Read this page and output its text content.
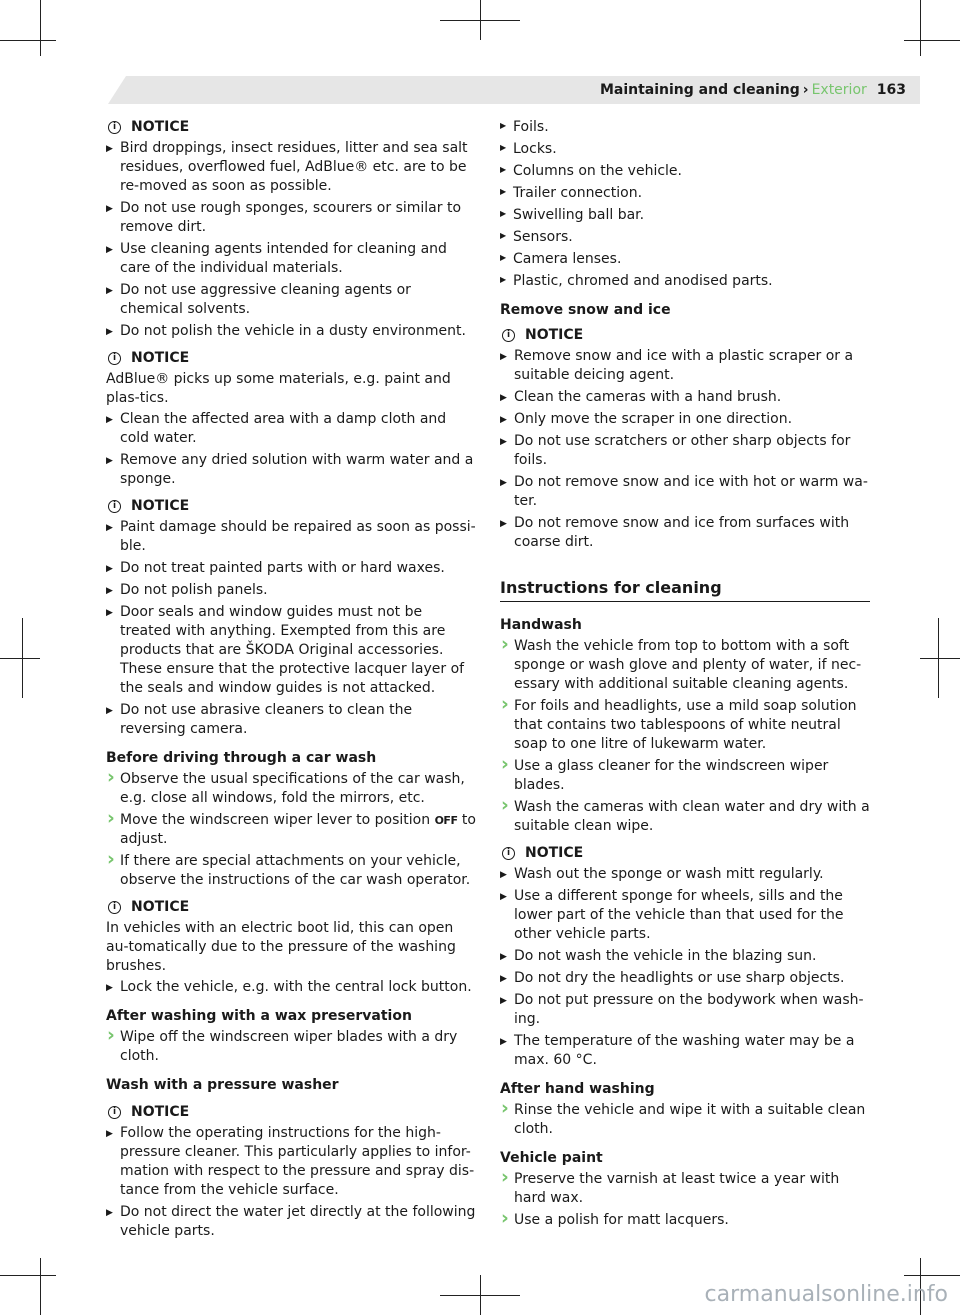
Maintaining and cleaning › Exterior 163
i	NOTICE
▶ Bird droppings, insect residues, litter and sea salt residues, overflowed fuel, AdBlue® etc. are to be re-moved as soon as possible.
▶ Do not use rough sponges, scourers or similar to remove dirt.
▶ Use cleaning agents intended for cleaning and care of the individual materials.
▶ Do not use aggressive cleaning agents or chemical solvents.
▶ Do not polish the vehicle in a dusty environment.
i	NOTICE
AdBlue® picks up some materials, e.g. paint and plas-tics.
▶ Clean the affected area with a damp cloth and cold water.
▶ Remove any dried solution with warm water and a sponge.
i	NOTICE
▶ Paint damage should be repaired as soon as possi-ble.
▶ Do not treat painted parts with or hard waxes.
▶ Do not polish panels.
▶ Door seals and window guides must not be treated with anything. Exempted from this are products that are ŠKODA Original accessories. These ensure that the protective lacquer layer of the seals and window guides is not attacked.
▶ Do not use abrasive cleaners to clean the reversing camera.
Before driving through a car wash
› Observe the usual specifications of the car wash, e.g. close all windows, fold the mirrors, etc.
› Move the windscreen wiper lever to position OFF to adjust.
› If there are special attachments on your vehicle, observe the instructions of the car wash operator.
i	NOTICE
In vehicles with an electric boot lid, this can open au-tomatically due to the pressure of the washing brushes.
▶ Lock the vehicle, e.g. with the central lock button.
After washing with a wax preservation
› Wipe off the windscreen wiper blades with a dry cloth.
Wash with a pressure washer
i	NOTICE
▶ Follow the operating instructions for the high-pressure cleaner. This particularly applies to infor-mation with respect to the pressure and spray dis-tance from the vehicle surface.
▶ Do not direct the water jet directly at the following vehicle parts.
▶ Foils.
▶ Locks.
▶ Columns on the vehicle.
▶ Trailer connection.
▶ Swivelling ball bar.
▶ Sensors.
▶ Camera lenses.
▶ Plastic, chromed and anodised parts.
Remove snow and ice
i	NOTICE
▶ Remove snow and ice with a plastic scraper or a suitable deicing agent.
▶ Clean the cameras with a hand brush.
▶ Only move the scraper in one direction.
▶ Do not use scratchers or other sharp objects for foils.
▶ Do not remove snow and ice with hot or warm wa-ter.
▶ Do not remove snow and ice from surfaces with coarse dirt.
Instructions for cleaning
Handwash
› Wash the vehicle from top to bottom with a soft sponge or wash glove and plenty of water, if nec-essary with additional suitable cleaning agents.
› For foils and headlights, use a mild soap solution that contains two tablespoons of white neutral soap to one litre of lukewarm water.
› Use a glass cleaner for the windscreen wiper blades.
› Wash the cameras with clean water and dry with a suitable clean wipe.
i	NOTICE
▶ Wash out the sponge or wash mitt regularly.
▶ Use a different sponge for wheels, sills and the lower part of the vehicle than that used for the other vehicle parts.
▶ Do not wash the vehicle in the blazing sun.
▶ Do not dry the headlights or use sharp objects.
▶ Do not put pressure on the bodywork when wash-ing.
▶ The temperature of the washing water may be a max. 60 °C.
After hand washing
› Rinse the vehicle and wipe it with a suitable clean cloth.
Vehicle paint
› Preserve the varnish at least twice a year with hard wax.
› Use a polish for matt lacquers.
carmanualsonline.info
